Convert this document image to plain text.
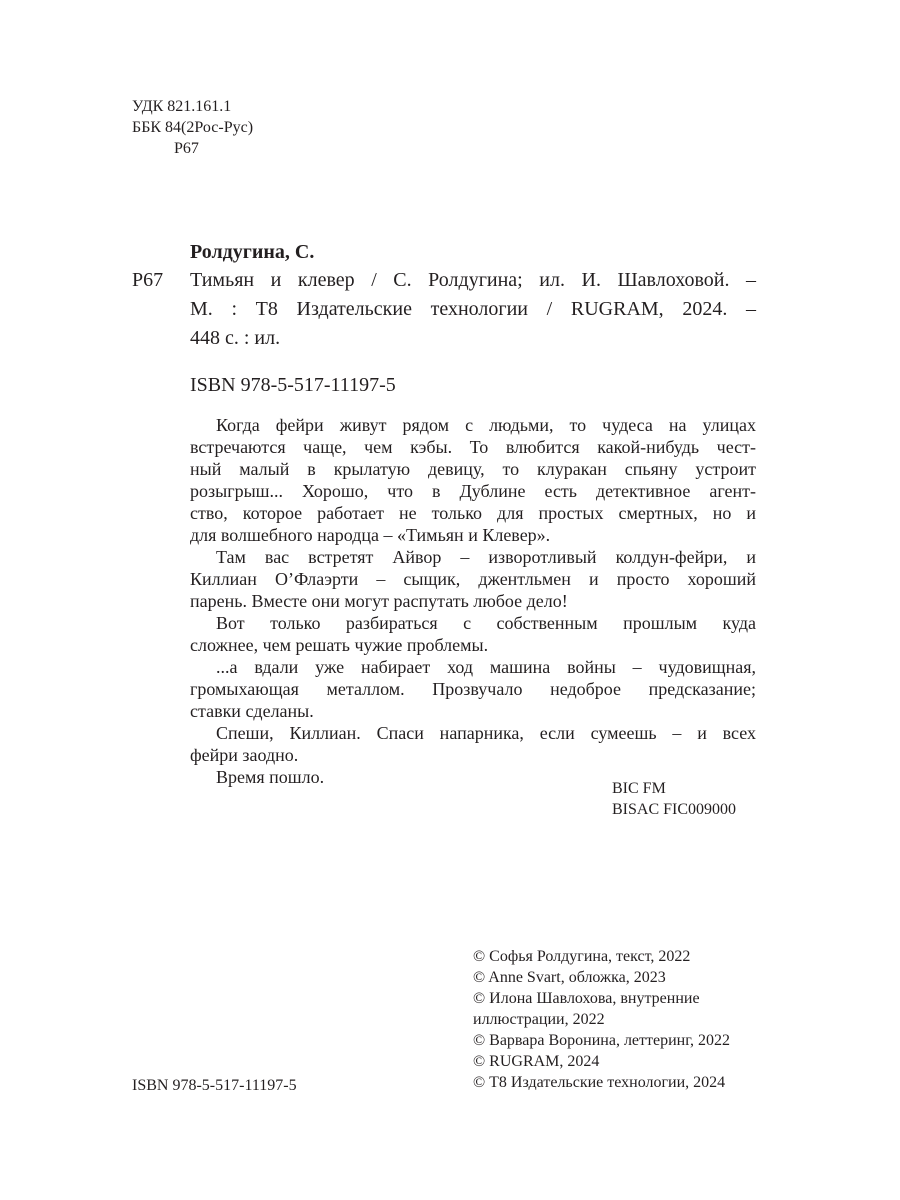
УДК 821.161.1
ББК 84(2Рос-Рус)
Р67
Ролдугина, С.
Р67 Тимьян и клевер / С. Ролдугина; ил. И. Шавлоховой. –
М. : Т8 Издательские технологии / RUGRAM, 2024. –
448 с. : ил.
ISBN 978-5-517-11197-5
Когда фейри живут рядом с людьми, то чудеса на улицах
встречаются чаще, чем кэбы. То влюбится какой-нибудь чест-
ный малый в крылатую девицу, то клуракан спьяну устроит
розыгрыш... Хорошо, что в Дублине есть детективное агент-
ство, которое работает не только для простых смертных, но и
для волшебного народца – «Тимьян и Клевер».
Там вас встретят Айвор – изворотливый колдун-фейри, и
Киллиан О’Флаэрти – сыщик, джентльмен и просто хороший
парень. Вместе они могут распутать любое дело!
Вот только разбираться с собственным прошлым куда
сложнее, чем решать чужие проблемы.
...а вдали уже набирает ход машина войны – чудовищная,
громыхающая металлом. Прозвучало недоброе предсказание;
ставки сделаны.
Спеши, Киллиан. Спаси напарника, если сумеешь – и всех
фейри заодно.
Время пошло.
BIC FM
BISAC FIC009000
© Софья Ролдугина, текст, 2022
© Anne Svart, обложка, 2023
© Илона Шавлохова, внутренние
иллюстрации, 2022
© Варвара Воронина, леттеринг, 2022
© RUGRAM, 2024
© Т8 Издательские технологии, 2024
ISBN 978-5-517-11197-5
